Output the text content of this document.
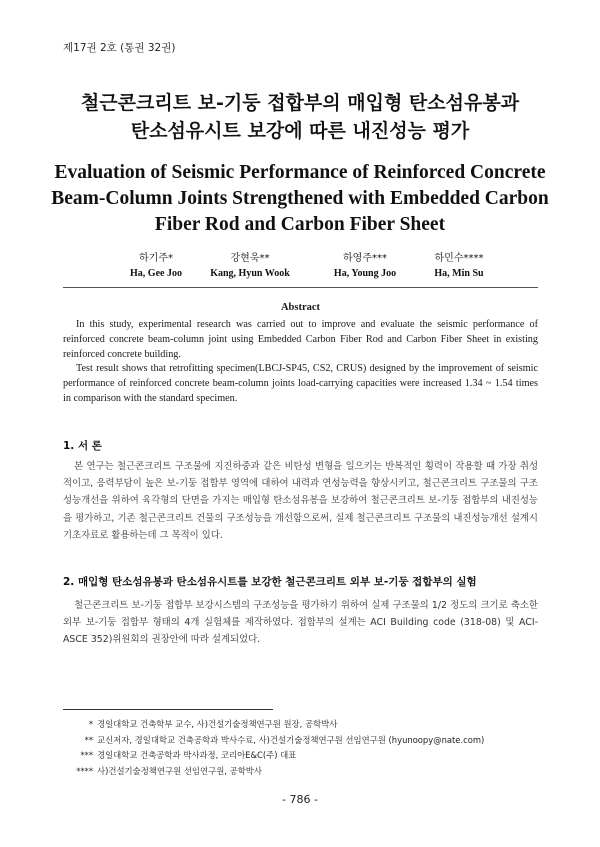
제17권 2호 (통권 32권)
철근콘크리트 보-기둥 접합부의 매입형 탄소섬유봉과
탄소섬유시트 보강에 따른 내진성능 평가
Evaluation of Seismic Performance of Reinforced Concrete
Beam-Column Joints Strengthened with Embedded Carbon
Fiber Rod and Carbon Fiber Sheet
하기주*
Ha, Gee Joo
강현욱**
Kang, Hyun Wook
하영주***
Ha, Young Joo
하민수****
Ha, Min Su
Abstract
In this study, experimental research was carried out to improve and evaluate the seismic performance of reinforced concrete beam-column joint using Embedded Carbon Fiber Rod and Carbon Fiber Sheet in existing reinforced concrete building.
Test result shows that retrofitting specimen(LBCJ-SP45, CS2, CRUS) designed by the improvement of seismic performance of reinforced concrete beam-column joints load-carrying capacities were increased 1.34 ~ 1.54 times in comparison with the standard specimen.
1. 서 론
본 연구는 철근콘크리트 구조물에 지진하중과 같은 비탄성 변형을 일으키는 반복적인 횡력이 작용할 때 가장 취성적이고, 응력부담이 높은 보-기둥 접합부 영역에 대하여 내력과 연성능력을 향상시키고, 철근콘크리트 구조물의 구조성능개선을 위하여 육각형의 단면을 가지는 매입형 탄소섬유봉을 보강하여 철근콘크리트 보-기둥 접합부의 내진성능을 평가하고, 기존 철근콘크리트 건물의 구조성능을 개선함으로써, 실제 철근콘크리트 구조물의 내진성능개선 설계시 기초자료로 활용하는데 그 목적이 있다.
2. 매입형 탄소섬유봉과 탄소섬유시트를 보강한 철근콘크리트 외부 보-기둥 접합부의 실험
철근콘크리트 보-기둥 접합부 보강시스템의 구조성능을 평가하기 위하여 실제 구조물의 1/2 정도의 크기로 축소한 외부 보-기둥 접합부 형태의 4개 실험체를 제작하였다. 접합부의 설계는 ACI Building code (318-08) 및 ACI-ASCE 352)위원회의 권장안에 따라 설계되었다.
* 경일대학교 건축학부 교수, 사)건설기술정책연구원 원장, 공학박사
** 교신저자, 경일대학교 건축공학과 박사수료, 사)건설기술정책연구원 선임연구원 (hyunoopy@nate.com)
*** 경일대학교 건축공학과 박사과정, 코리아E&C(주) 대표
**** 사)건설기술정책연구원 선임연구원, 공학박사
- 786 -
